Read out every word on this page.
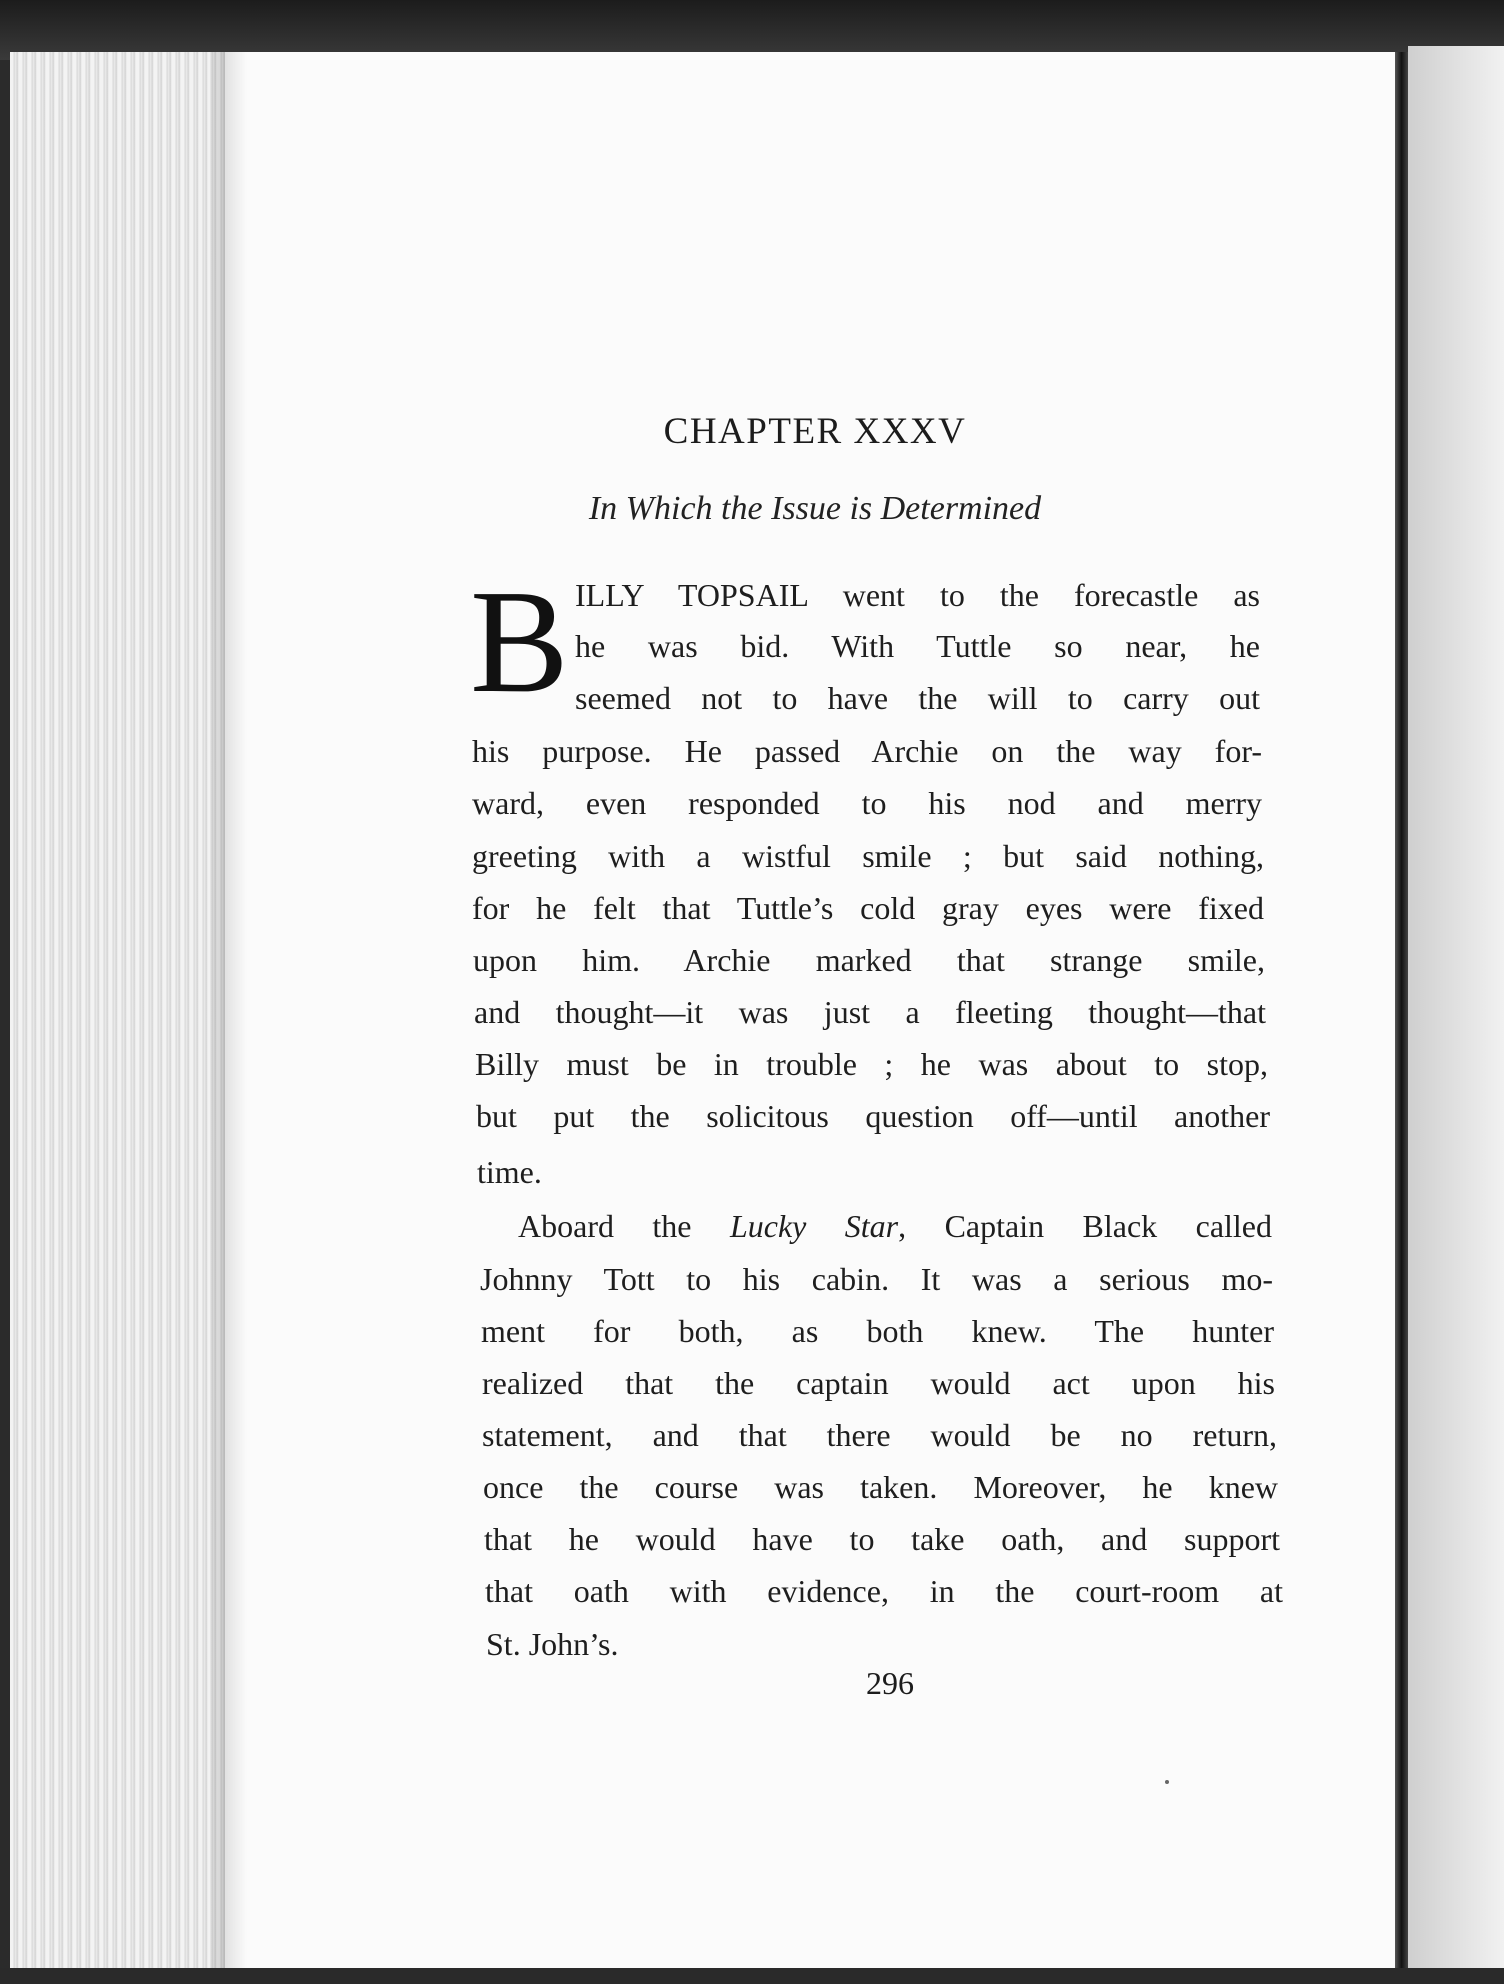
CHAPTER XXXV
In Which the Issue is Determined
B ILLY TOPSAIL went to the forecastle as
he was bid. With Tuttle so near, he
seemed not to have the will to carry out
his purpose. He passed Archie on the way for-
ward, even responded to his nod and merry
greeting with a wistful smile ; but said nothing,
for he felt that Tuttle’s cold gray eyes were fixed
upon him. Archie marked that strange smile,
and thought—it was just a fleeting thought—that
Billy must be in trouble ; he was about to stop,
but put the solicitous question off—until another
time.
Aboard the Lucky Star, Captain Black called
Johnny Tott to his cabin. It was a serious mo-
ment for both, as both knew. The hunter
realized that the captain would act upon his
statement, and that there would be no return,
once the course was taken. Moreover, he knew
that he would have to take oath, and support
that oath with evidence, in the court-room at
St. John’s.
296
